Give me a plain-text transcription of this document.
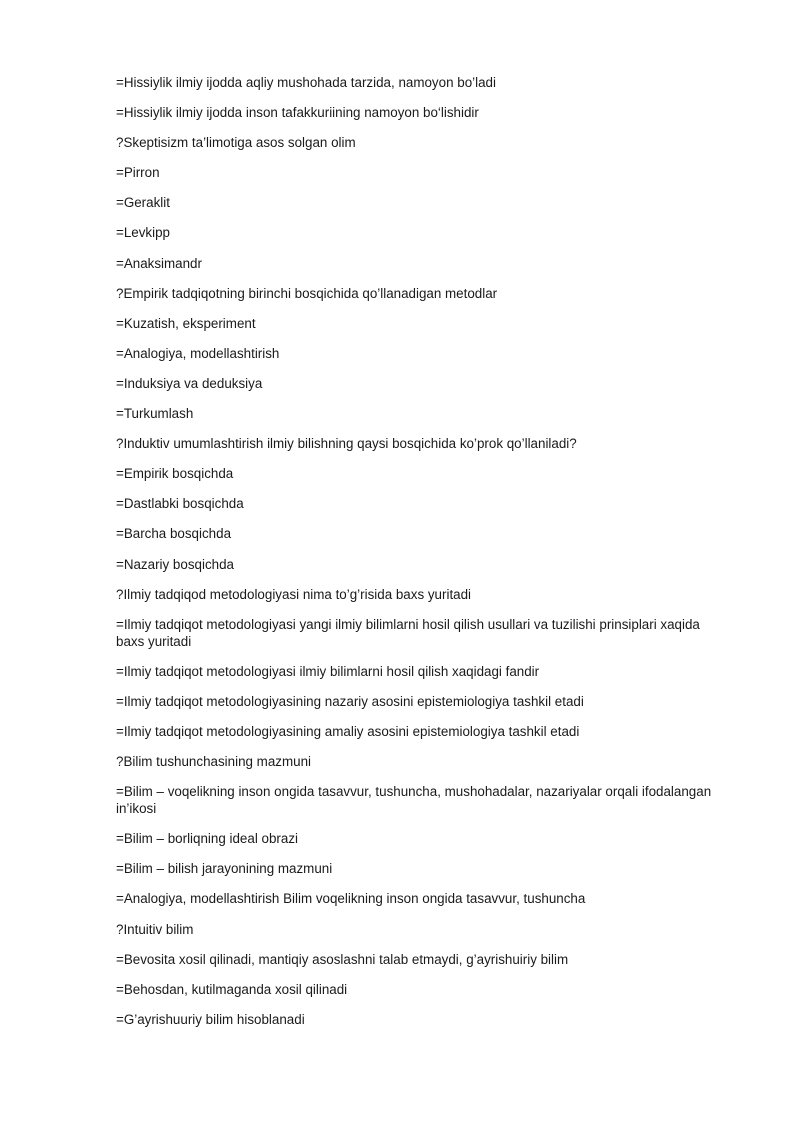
=Hissiylik ilmiy ijodda aqliy mushohada tarzida, namoyon bo’ladi

=Hissiylik ilmiy ijodda inson tafakkuriining namoyon bo‘lishidir

?Skeptisizm ta’limotiga asos solgan olim

=Pirron

=Geraklit

=Levkipp

=Anaksimandr

?Empirik tadqiqotning birinchi bosqichida qo’llanadigan metodlar

=Kuzatish, eksperiment

=Analogiya, modellashtirish

=Induksiya va deduksiya

=Turkumlash

?Induktiv umumlashtirish ilmiy bilishning qaysi bosqichida ko’prok qo’llaniladi?

=Empirik bosqichda

=Dastlabki bosqichda

=Barcha bosqichda

=Nazariy bosqichda

?Ilmiy tadqiqod metodologiyasi nima to’g’risida baxs yuritadi

=Ilmiy tadqiqot metodologiyasi yangi ilmiy bilimlarni hosil qilish usullari va tuzilishi prinsiplari xaqida baxs yuritadi

=Ilmiy tadqiqot metodologiyasi ilmiy bilimlarni hosil qilish xaqidagi fandir

=Ilmiy tadqiqot metodologiyasining nazariy asosini epistemiologiya tashkil etadi

=Ilmiy tadqiqot metodologiyasining amaliy asosini epistemiologiya tashkil etadi

?Bilim tushunchasining mazmuni

=Bilim – voqelikning inson ongida tasavvur, tushuncha, mushohadalar, nazariyalar orqali ifodalangan in’ikosi

=Bilim – borliqning ideal obrazi

=Bilim – bilish jarayonining mazmuni

=Analogiya, modellashtirish Bilim voqelikning inson ongida tasavvur, tushuncha

?Intuitiv bilim

=Bevosita xosil qilinadi, mantiqiy asoslashni talab etmaydi, g’ayrishuiriy bilim

=Behosdan, kutilmaganda xosil qilinadi

=G’ayrishuuriy bilim hisoblanadi
